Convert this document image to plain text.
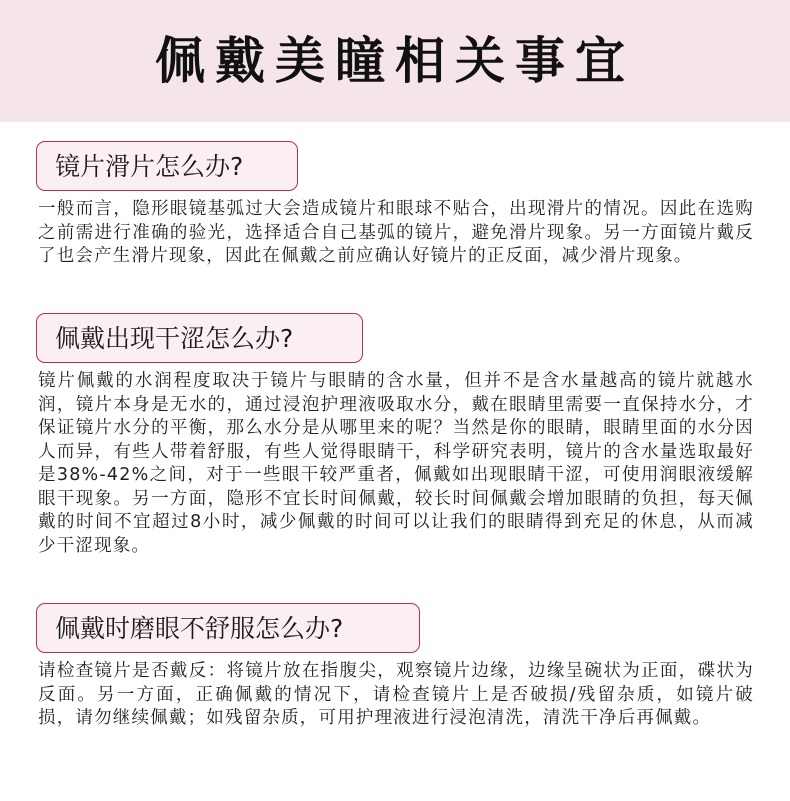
佩戴美瞳相关事宜
镜片滑片怎么办?

一般而言，隐形眼镜基弧过大会造成镜片和眼球不贴合，出现滑片的情况。因此在选购之前需进行准确的验光，选择适合自己基弧的镜片，避免滑片现象。另一方面镜片戴反了也会产生滑片现象，因此在佩戴之前应确认好镜片的正反面，减少滑片现象。

佩戴出现干涩怎么办?

镜片佩戴的水润程度取决于镜片与眼睛的含水量，但并不是含水量越高的镜片就越水润，镜片本身是无水的，通过浸泡护理液吸取水分，戴在眼睛里需要一直保持水分，才保证镜片水分的平衡，那么水分是从哪里来的呢？当然是你的眼睛，眼睛里面的水分因人而异，有些人带着舒服，有些人觉得眼睛干，科学研究表明，镜片的含水量选取最好是38%-42%之间，对于一些眼干较严重者，佩戴如出现眼睛干涩，可使用润眼液缓解眼干现象。另一方面，隐形不宜长时间佩戴，较长时间佩戴会增加眼睛的负担，每天佩戴的时间不宜超过8小时，减少佩戴的时间可以让我们的眼睛得到充足的休息，从而减少干涩现象。

佩戴时磨眼不舒服怎么办?

请检查镜片是否戴反：将镜片放在指腹尖，观察镜片边缘，边缘呈碗状为正面，碟状为反面。另一方面，正确佩戴的情况下，请检查镜片上是否破损/残留杂质，如镜片破损，请勿继续佩戴；如残留杂质，可用护理液进行浸泡清洗，清洗干净后再佩戴。
